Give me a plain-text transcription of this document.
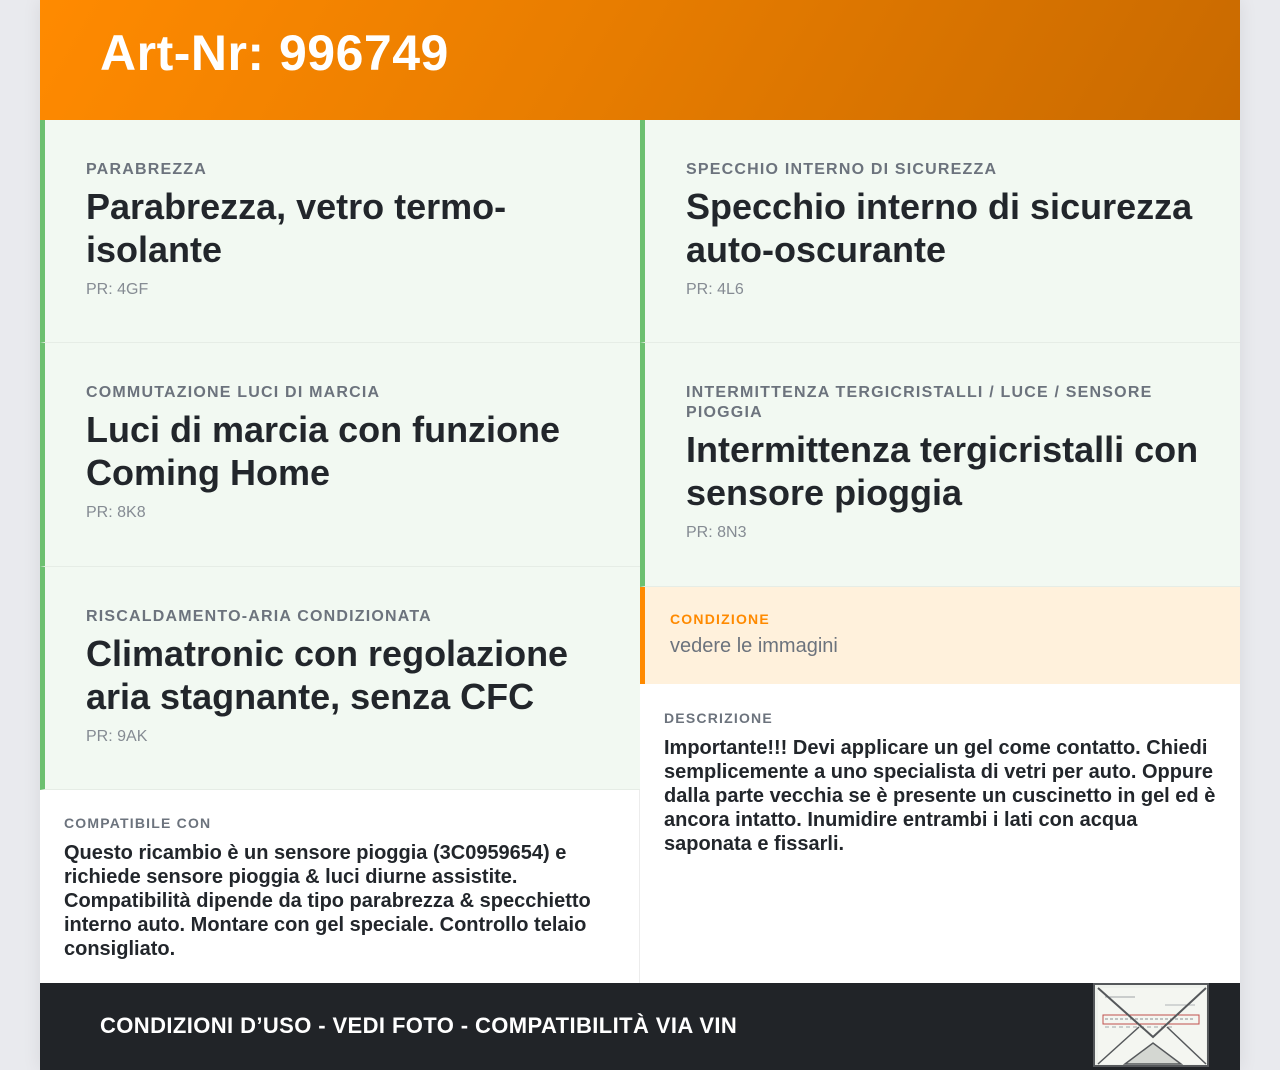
Art-Nr: 996749
PARABREZZA
Parabrezza, vetro termo-isolante
PR: 4GF
SPECCHIO INTERNO DI SICUREZZA
Specchio interno di sicurezza auto-oscurante
PR: 4L6
COMMUTAZIONE LUCI DI MARCIA
Luci di marcia con funzione Coming Home
PR: 8K8
INTERMITTENZA TERGICRISTALLI / LUCE / SENSORE PIOGGIA
Intermittenza tergicristalli con sensore pioggia
PR: 8N3
RISCALDAMENTO-ARIA CONDIZIONATA
Climatronic con regolazione aria stagnante, senza CFC
PR: 9AK
CONDIZIONE
vedere le immagini
COMPATIBILE CON
Questo ricambio è un sensore pioggia (3C0959654) e richiede sensore pioggia & luci diurne assistite. Compatibilità dipende da tipo parabrezza & specchietto interno auto. Montare con gel speciale. Controllo telaio consigliato.
DESCRIZIONE
Importante!!! Devi applicare un gel come contatto. Chiedi semplicemente a uno specialista di vetri per auto. Oppure dalla parte vecchia se è presente un cuscinetto in gel ed è ancora intatto. Inumidire entrambi i lati con acqua saponata e fissarli.
CONDIZIONI D’USO - VEDI FOTO - COMPATIBILITÀ VIA VIN
